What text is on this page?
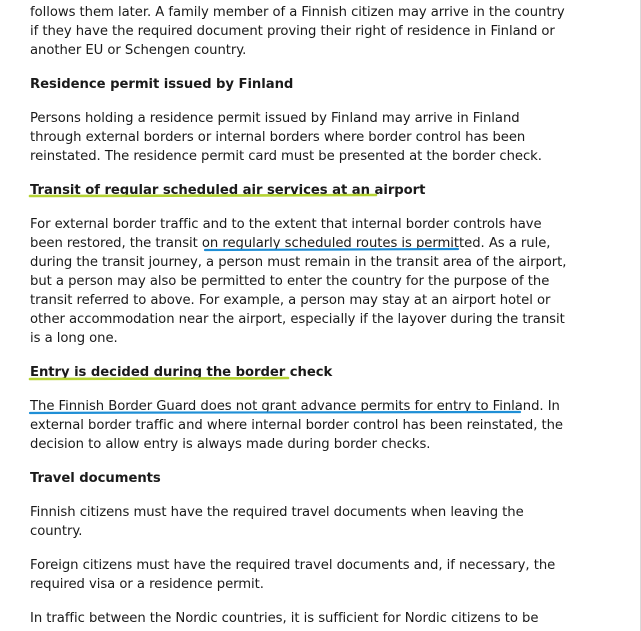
follows them later. A family member of a Finnish citizen may arrive in the country
if they have the required document proving their right of residence in Finland or
another EU or Schengen country.
Residence permit issued by Finland
Persons holding a residence permit issued by Finland may arrive in Finland
through external borders or internal borders where border control has been
reinstated. The residence permit card must be presented at the border check.
Transit of regular scheduled air services at an airport
For external border traffic and to the extent that internal border controls have
been restored, the transit on regularly scheduled routes is permitted. As a rule,
during the transit journey, a person must remain in the transit area of the airport,
but a person may also be permitted to enter the country for the purpose of the
transit referred to above. For example, a person may stay at an airport hotel or
other accommodation near the airport, especially if the layover during the transit
is a long one.
Entry is decided during the border check
The Finnish Border Guard does not grant advance permits for entry to Finland. In
external border traffic and where internal border control has been reinstated, the
decision to allow entry is always made during border checks.
Travel documents
Finnish citizens must have the required travel documents when leaving the
country.
Foreign citizens must have the required travel documents and, if necessary, the
required visa or a residence permit.
In traffic between the Nordic countries, it is sufficient for Nordic citizens to be
